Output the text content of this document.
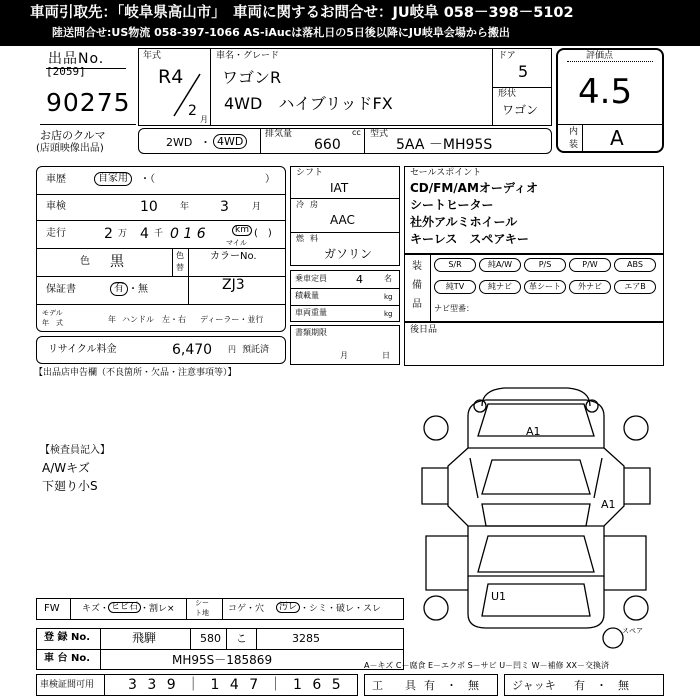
車両引取先：「岐阜県高山市」　車両に関するお問合せ：JU岐阜 058－398－5102
陸送問合せ:US物流 058-397-1066 AS-iAucは落札日の5日後以降にJU岐阜会場から搬出
出品No.
[2059]
90275
お店のクルマ
(店頭映像出品)
年式
R4
2
月
車名・グレード
ワゴンR
4WD　ハイブリッドFX
ドア
5
形状
ワゴン
評価点
4.5
内
装 A
2WD ・ 4WD
排気量	cc
660
型式
5AA －MH95S
車歴	自家用	・（　　　　　　　　　　　）
車検	10 年 3	月
走行	2 万 4 千 0 1 6	km
マイル
(　)
色 黒	色
替
カラーNo.
ZJ3
保証書	有 ・無
モデル
年　式	年 ハンドル　左・右 ディーラー・並行
リサイクル料金	6,470 円 預託済
シフト
IAT
冷房
AAC
燃料
ガソリン
乗車定員	4	名
積載量	kg
車両重量	kg
書類期限
月	日
セールスポイント
CD/FM/AMオーディオ
シートヒーター
社外アルミホイール
キーレス　スペアキー
装
備
品
S/R	純A/W	P/S	P/W	ABS
純TV	純ナビ	革シート	外ナビ	エアB
ナビ型番：
後日品
【出品店申告欄（不良箇所・欠品・注意事項等）】
【検査員記入】
A/Wキズ
下廻り小S
A1
A1
U1
スペア
FW キズ・ ヒビ石 ・割レ×
シー
ト地 コゲ・穴	汚レ ・シミ・破レ・スレ
登 録 No.	飛騨	580 こ	3285
車 台 No.	MH95S－185869	A－キズ C－腐食 E－エクボ S－サビ U－凹ミ W－補修 XX－交換済
車検証間可用 3 3 9 ｜ 1 4 7 ｜ 1 6 5	工　　具 有　・　無	ジャッキ 有　・　無
